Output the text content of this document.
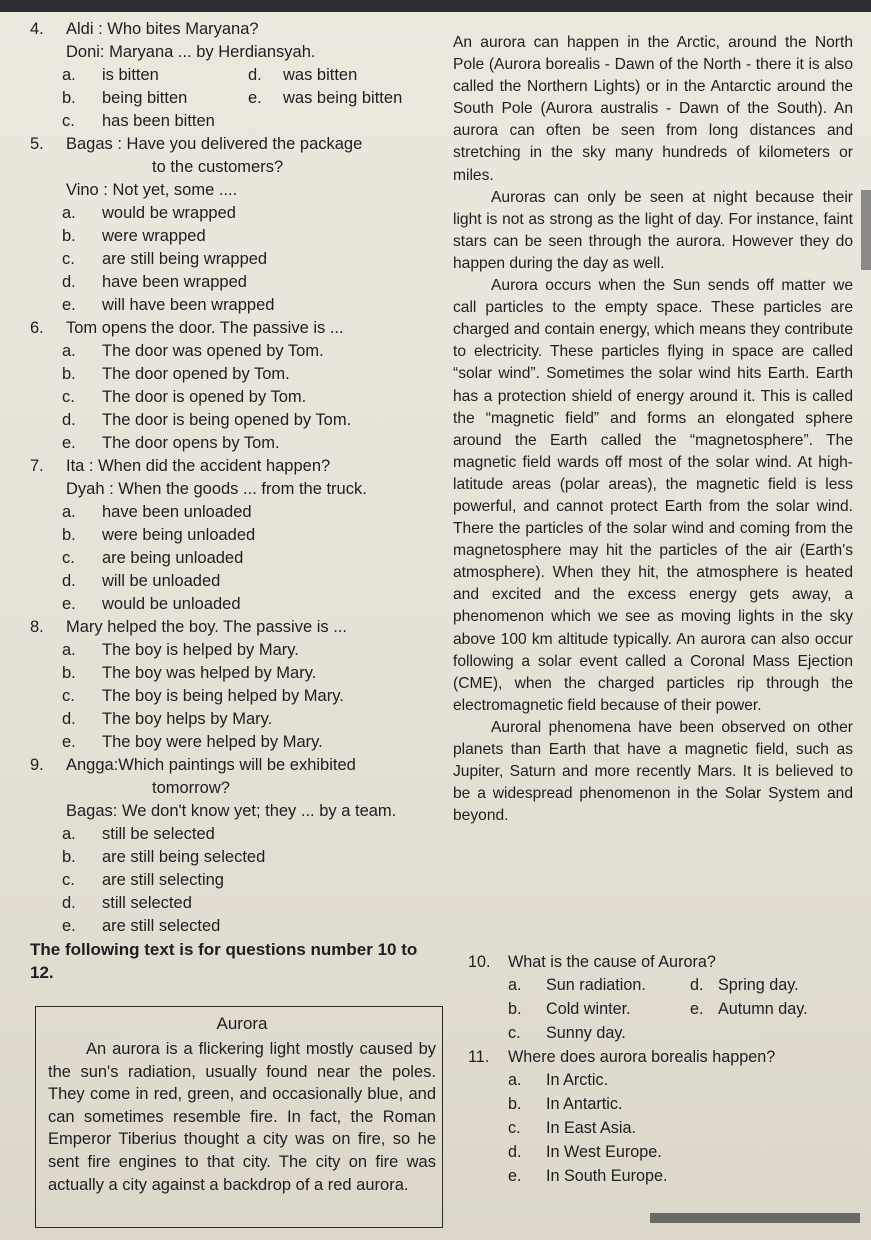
4. Aldi : Who bites Maryana?
Doni: Maryana ... by Herdiansyah.
a. is bitten	d. was bitten
b. being bitten	e. was being bitten
c. has been bitten
5. Bagas : Have you delivered the package
to the customers?
Vino : Not yet, some ....
a. would be wrapped
b. were wrapped
c. are still being wrapped
d. have been wrapped
e. will have been wrapped
6. Tom opens the door. The passive is ...
a. The door was opened by Tom.
b. The door opened by Tom.
c. The door is opened by Tom.
d. The door is being opened by Tom.
e. The door opens by Tom.
7. Ita : When did the accident happen?
Dyah : When the goods ... from the truck.
a. have been unloaded
b. were being unloaded
c. are being unloaded
d. will be unloaded
e. would be unloaded
8. Mary helped the boy. The passive is ...
a. The boy is helped by Mary.
b. The boy was helped by Mary.
c. The boy is being helped by Mary.
d. The boy helps by Mary.
e. The boy were helped by Mary.
9. Angga:Which paintings will be exhibited
tomorrow?
Bagas: We don't know yet; they ... by a team.
a. still be selected
b. are still being selected
c. are still selecting
d. still selected
e. are still selected
The following text is for questions number 10 to 12.
Aurora
An aurora is a flickering light mostly caused by the sun's radiation, usually found near the poles. They come in red, green, and occasionally blue, and can sometimes resemble fire. In fact, the Roman Emperor Tiberius thought a city was on fire, so he sent fire engines to that city. The city on fire was actually a city against a backdrop of a red aurora.

An aurora can happen in the Arctic, around the North Pole (Aurora borealis - Dawn of the North - there it is also called the Northern Lights) or in the Antarctic around the South Pole (Aurora australis - Dawn of the South). An aurora can often be seen from long distances and stretching in the sky many hundreds of kilometers or miles.

Auroras can only be seen at night because their light is not as strong as the light of day. For instance, faint stars can be seen through the aurora. However they do happen during the day as well.

Aurora occurs when the Sun sends off matter we call particles to the empty space. These particles are charged and contain energy, which means they contribute to electricity. These particles flying in space are called “solar wind”. Sometimes the solar wind hits Earth. Earth has a protection shield of energy around it. This is called the “magnetic field” and forms an elongated sphere around the Earth called the “magnetosphere”. The magnetic field wards off most of the solar wind. At high-latitude areas (polar areas), the magnetic field is less powerful, and cannot protect Earth from the solar wind. There the particles of the solar wind and coming from the magnetosphere may hit the particles of the air (Earth's atmosphere). When they hit, the atmosphere is heated and excited and the excess energy gets away, a phenomenon which we see as moving lights in the sky above 100 km altitude typically. An aurora can also occur following a solar event called a Coronal Mass Ejection (CME), when the charged particles rip through the electromagnetic field because of their power.

Auroral phenomena have been observed on other planets than Earth that have a magnetic field, such as Jupiter, Saturn and more recently Mars. It is believed to be a widespread phenomenon in the Solar System and beyond.

10. What is the cause of Aurora?
a. Sun radiation.	d. Spring day.
b. Cold winter.	e. Autumn day.
c. Sunny day.
11. Where does aurora borealis happen?
a. In Arctic.
b. In Antartic.
c. In East Asia.
d. In West Europe.
e. In South Europe.
